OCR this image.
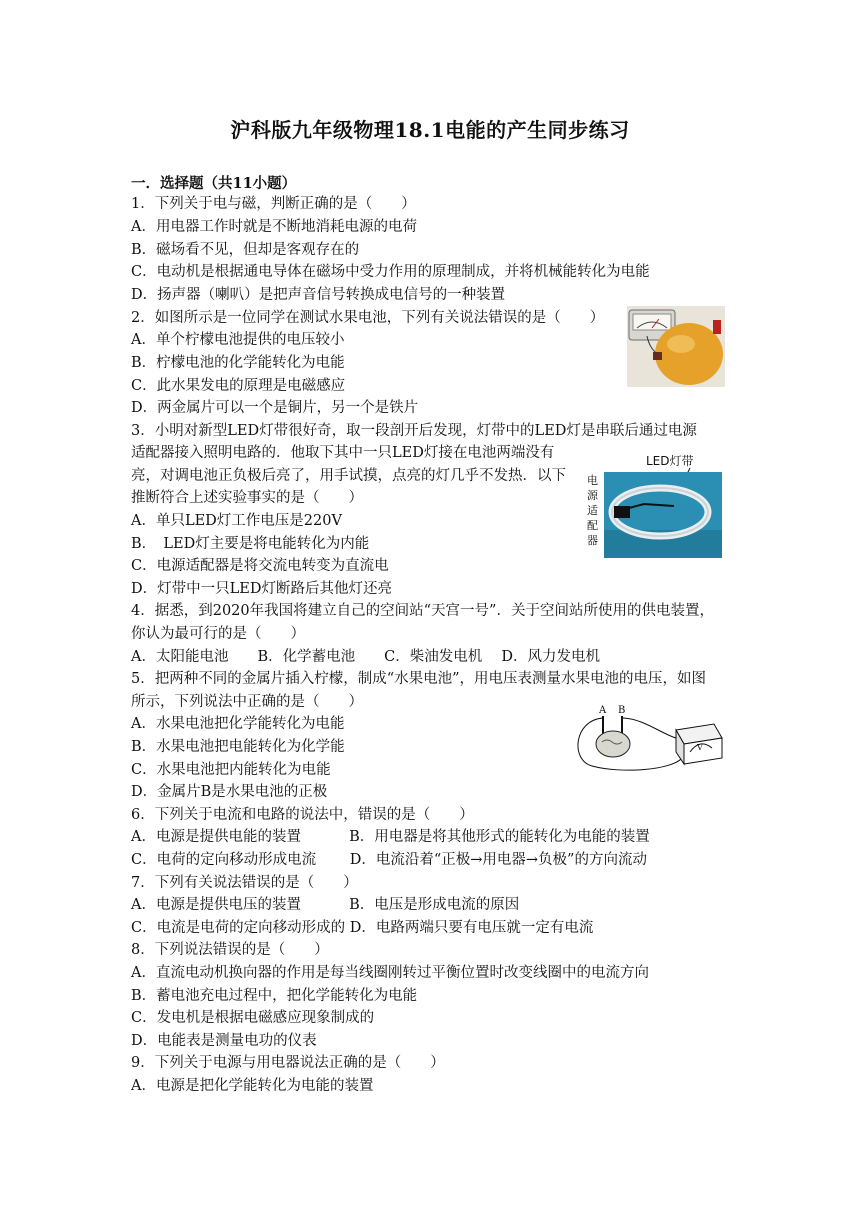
沪科版九年级物理18.1电能的产生同步练习
一．选择题（共11小题）
1．下列关于电与磁，判断正确的是（　　）
A．用电器工作时就是不断地消耗电源的电荷
B．磁场看不见，但却是客观存在的
C．电动机是根据通电导体在磁场中受力作用的原理制成，并将机械能转化为电能
D．扬声器（喇叭）是把声音信号转换成电信号的一种装置
2．如图所示是一位同学在测试水果电池，下列有关说法错误的是（　　）
A．单个柠檬电池提供的电压较小
B．柠檬电池的化学能转化为电能
C．此水果发电的原理是电磁感应
D．两金属片可以一个是铜片，另一个是铁片
3．小明对新型LED灯带很好奇，取一段剖开后发现，灯带中的LED灯是串联后通过电源
适配器接入照明电路的．他取下其中一只LED灯接在电池两端没有
亮，对调电池正负极后亮了，用手试摸，点亮的灯几乎不发热．以下
推断符合上述实验事实的是（　　）
A．单只LED灯工作电压是220V
B．　LED灯主要是将电能转化为内能
C．电源适配器是将交流电转变为直流电
D．灯带中一只LED灯断路后其他灯还亮
4．据悉，到2020年我国将建立自己的空间站“天宫一号”．关于空间站所使用的供电装置，
你认为最可行的是（　　）
A．太阳能电池　　B．化学蓄电池　　C．柴油发电机　 D．风力发电机
5．把两种不同的金属片插入柠檬，制成“水果电池”，用电压表测量水果电池的电压，如图
所示，下列说法中正确的是（　　）
A．水果电池把化学能转化为电能
B．水果电池把电能转化为化学能
C．水果电池把内能转化为电能
D．金属片B是水果电池的正极
6．下列关于电流和电路的说法中，错误的是（　　）
A．电源是提供电能的装置　　　 B．用电器是将其他形式的能转化为电能的装置
C．电荷的定向移动形成电流　　 D．电流沿着“正极→用电器→负极”的方向流动
7．下列有关说法错误的是（　　）
A．电源是提供电压的装置　　　 B．电压是形成电流的原因
C．电流是电荷的定向移动形成的 D．电路两端只要有电压就一定有电流
8．下列说法错误的是（　　）
A．直流电动机换向器的作用是每当线圈刚转过平衡位置时改变线圈中的电流方向
B．蓄电池充电过程中，把化学能转化为电能
C．发电机是根据电磁感应现象制成的
D．电能表是测量电功的仪表
9．下列关于电源与用电器说法正确的是（　　）
A．电源是把化学能转化为电能的装置
LED灯带
电
源
适
配
器
A B
V
